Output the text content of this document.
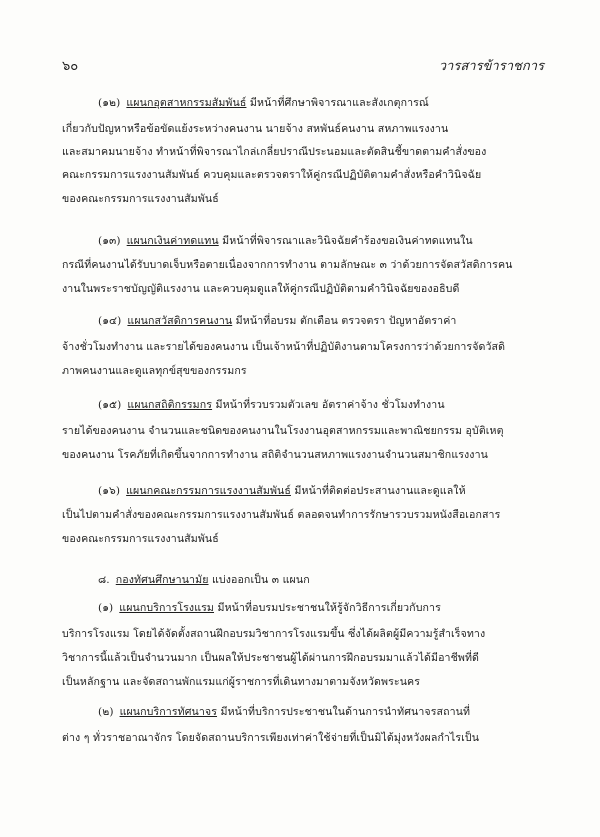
๖๐	วารสารข้าราชการ
(๑๒) แผนกอุตสาหกรรมสัมพันธ์ มีหน้าที่ศึกษาพิจารณาและสังเกตุการณ์
เกี่ยวกับปัญหาหรือข้อขัดแย้งระหว่างคนงาน นายจ้าง สหพันธ์คนงาน สหภาพแรงงาน
และสมาคมนายจ้าง ทำหน้าที่พิจารณาไกล่เกลี่ยปราณีประนอมและตัดสินชี้ขาดตามคำสั่งของ
คณะกรรมการแรงงานสัมพันธ์ ควบคุมและตรวจตราให้คู่กรณีปฏิบัติตามคำสั่งหรือคำวินิจฉัย
ของคณะกรรมการแรงงานสัมพันธ์
(๑๓) แผนกเงินค่าทดแทน มีหน้าที่พิจารณาและวินิจฉัยคำร้องขอเงินค่าทดแทนใน
กรณีที่คนงานได้รับบาดเจ็บหรือตายเนื่องจากการทำงาน ตามลักษณะ ๓ ว่าด้วยการจัดสวัสดิการคน
งานในพระราชบัญญัติแรงงาน และควบคุมดูแลให้คู่กรณีปฏิบัติตามคำวินิจฉัยของอธิบดี
(๑๔) แผนกสวัสดิการคนงาน มีหน้าที่อบรม ตักเตือน ตรวจตรา ปัญหาอัตราค่า
จ้างชั่วโมงทำงาน และรายได้ของคนงาน เป็นเจ้าหน้าที่ปฏิบัติงานตามโครงการว่าด้วยการจัดวัสดิ
ภาพคนงานและดูแลทุกข์สุขของกรรมกร
(๑๕) แผนกสถิติกรรมกร มีหน้าที่รวบรวมตัวเลข อัตราค่าจ้าง ชั่วโมงทำงาน
รายได้ของคนงาน จำนวนและชนิดของคนงานในโรงงานอุตสาหกรรมและพาณิชยกรรม อุบัติเหตุ
ของคนงาน โรคภัยที่เกิดขึ้นจากการทำงาน สถิติจำนวนสหภาพแรงงานจำนวนสมาชิกแรงงาน
(๑๖) แผนกคณะกรรมการแรงงานสัมพันธ์ มีหน้าที่ติดต่อประสานงานและดูแลให้
เป็นไปตามคำสั่งของคณะกรรมการแรงงานสัมพันธ์ ตลอดจนทำการรักษารวบรวมหนังสือเอกสาร
ของคณะกรรมการแรงงานสัมพันธ์
๘. กองทัศนศึกษานามัย แบ่งออกเป็น ๓ แผนก
(๑) แผนกบริการโรงแรม มีหน้าที่อบรมประชาชนให้รู้จักวิธีการเกี่ยวกับการ
บริการโรงแรม โดยได้จัดตั้งสถานฝึกอบรมวิชาการโรงแรมขึ้น ซึ่งได้ผลิตผู้มีความรู้สำเร็จทาง
วิชาการนี้แล้วเป็นจำนวนมาก เป็นผลให้ประชาชนผู้ได้ผ่านการฝึกอบรมมาแล้วได้มีอาชีพที่ดี
เป็นหลักฐาน และจัดสถานพักแรมแก่ผู้ราชการที่เดินทางมาตามจังหวัดพระนคร
(๒) แผนกบริการทัศนาจร มีหน้าที่บริการประชาชนในด้านการนำทัศนาจรสถานที่
ต่าง ๆ ทั่วราชอาณาจักร โดยจัดสถานบริการเพียงเท่าค่าใช้จ่ายที่เป็นมิได้มุ่งหวังผลกำไรเป็น
